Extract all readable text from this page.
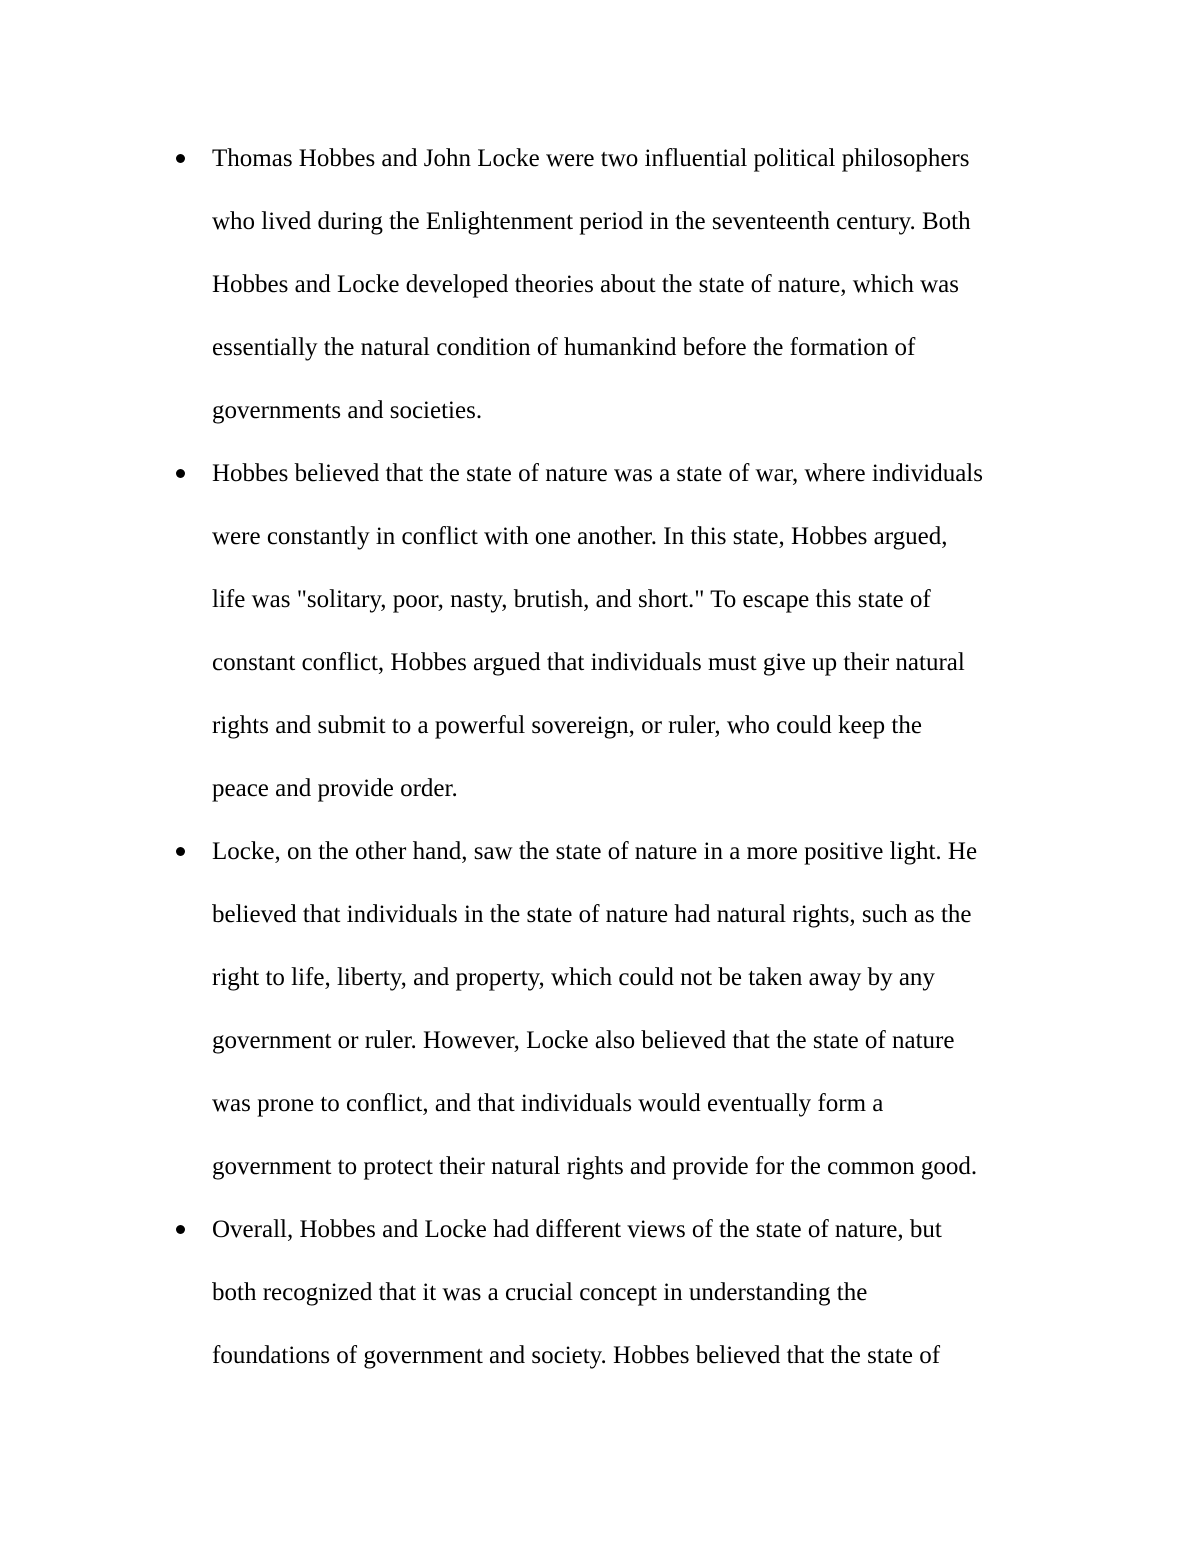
Thomas Hobbes and John Locke were two influential political philosophers
who lived during the Enlightenment period in the seventeenth century. Both
Hobbes and Locke developed theories about the state of nature, which was
essentially the natural condition of humankind before the formation of
governments and societies.
Hobbes believed that the state of nature was a state of war, where individuals
were constantly in conflict with one another. In this state, Hobbes argued,
life was "solitary, poor, nasty, brutish, and short." To escape this state of
constant conflict, Hobbes argued that individuals must give up their natural
rights and submit to a powerful sovereign, or ruler, who could keep the
peace and provide order.
Locke, on the other hand, saw the state of nature in a more positive light. He
believed that individuals in the state of nature had natural rights, such as the
right to life, liberty, and property, which could not be taken away by any
government or ruler. However, Locke also believed that the state of nature
was prone to conflict, and that individuals would eventually form a
government to protect their natural rights and provide for the common good.
Overall, Hobbes and Locke had different views of the state of nature, but
both recognized that it was a crucial concept in understanding the
foundations of government and society. Hobbes believed that the state of
